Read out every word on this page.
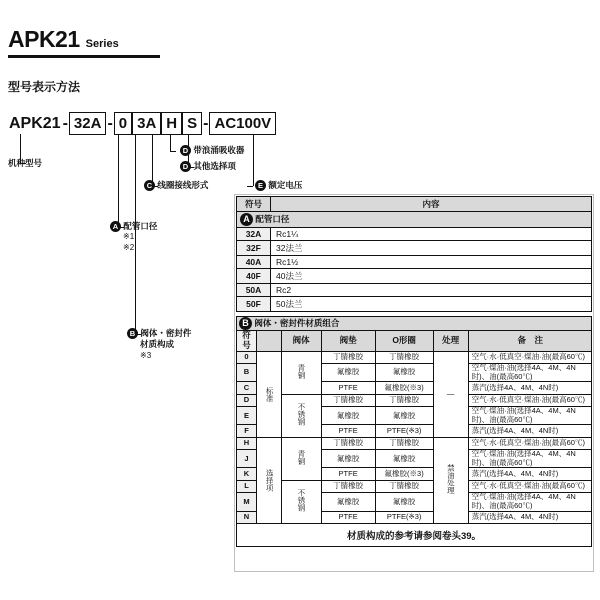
APK21 Series
型号表示方法
APK21 - 32A - 0 3A H S - AC100V
机种型号
A 配管口径
※1
※2
B 阀体・密封件
材质构成
※3
C 线圈接线形式
D 带浪涌吸收器
D 其他选择项
E 额定电压
符号	内容
A 配管口径	
32A	Rc1¼
32F	32法兰
40A	Rc1½
40F	40法兰
50A	Rc2
50F	50法兰
B 阀体・密封件材质组合						
符号		阀体	阀垫	O形圈	处理	备　注
0	标准	青铜	丁腈橡胶	丁腈橡胶	—	空气·水·低真空·煤油·油(最高60℃)
B			氟橡胶	氟橡胶		空气·煤油·油(选择4A、4M、4N时)、油(最高60℃)
C			PTFE	氟橡胶(※3)		蒸汽(选择4A、4M、4N时)
D		不锈钢	丁腈橡胶	丁腈橡胶		空气·水·低真空·煤油·油(最高60℃)
E			氟橡胶	氟橡胶		空气·煤油·油(选择4A、4M、4N时)、油(最高60℃)
F			PTFE	PTFE(※3)		蒸汽(选择4A、4M、4N时)
H	选择项	青铜	丁腈橡胶	丁腈橡胶	禁油处理	空气·水·低真空·煤油·油(最高60℃)
J			氟橡胶	氟橡胶		空气·煤油·油(选择4A、4M、4N时)、油(最高60℃)
K			PTFE	氟橡胶(※3)		蒸汽(选择4A、4M、4N时)
L		不锈钢	丁腈橡胶	丁腈橡胶		空气·水·低真空·煤油·油(最高60℃)
M			氟橡胶	氟橡胶		空气·煤油·油(选择4A、4M、4N时)、油(最高60℃)
N			PTFE	PTFE(※3)		蒸汽(选择4A、4M、4N时)
材质构成的参考请参阅卷头39。
